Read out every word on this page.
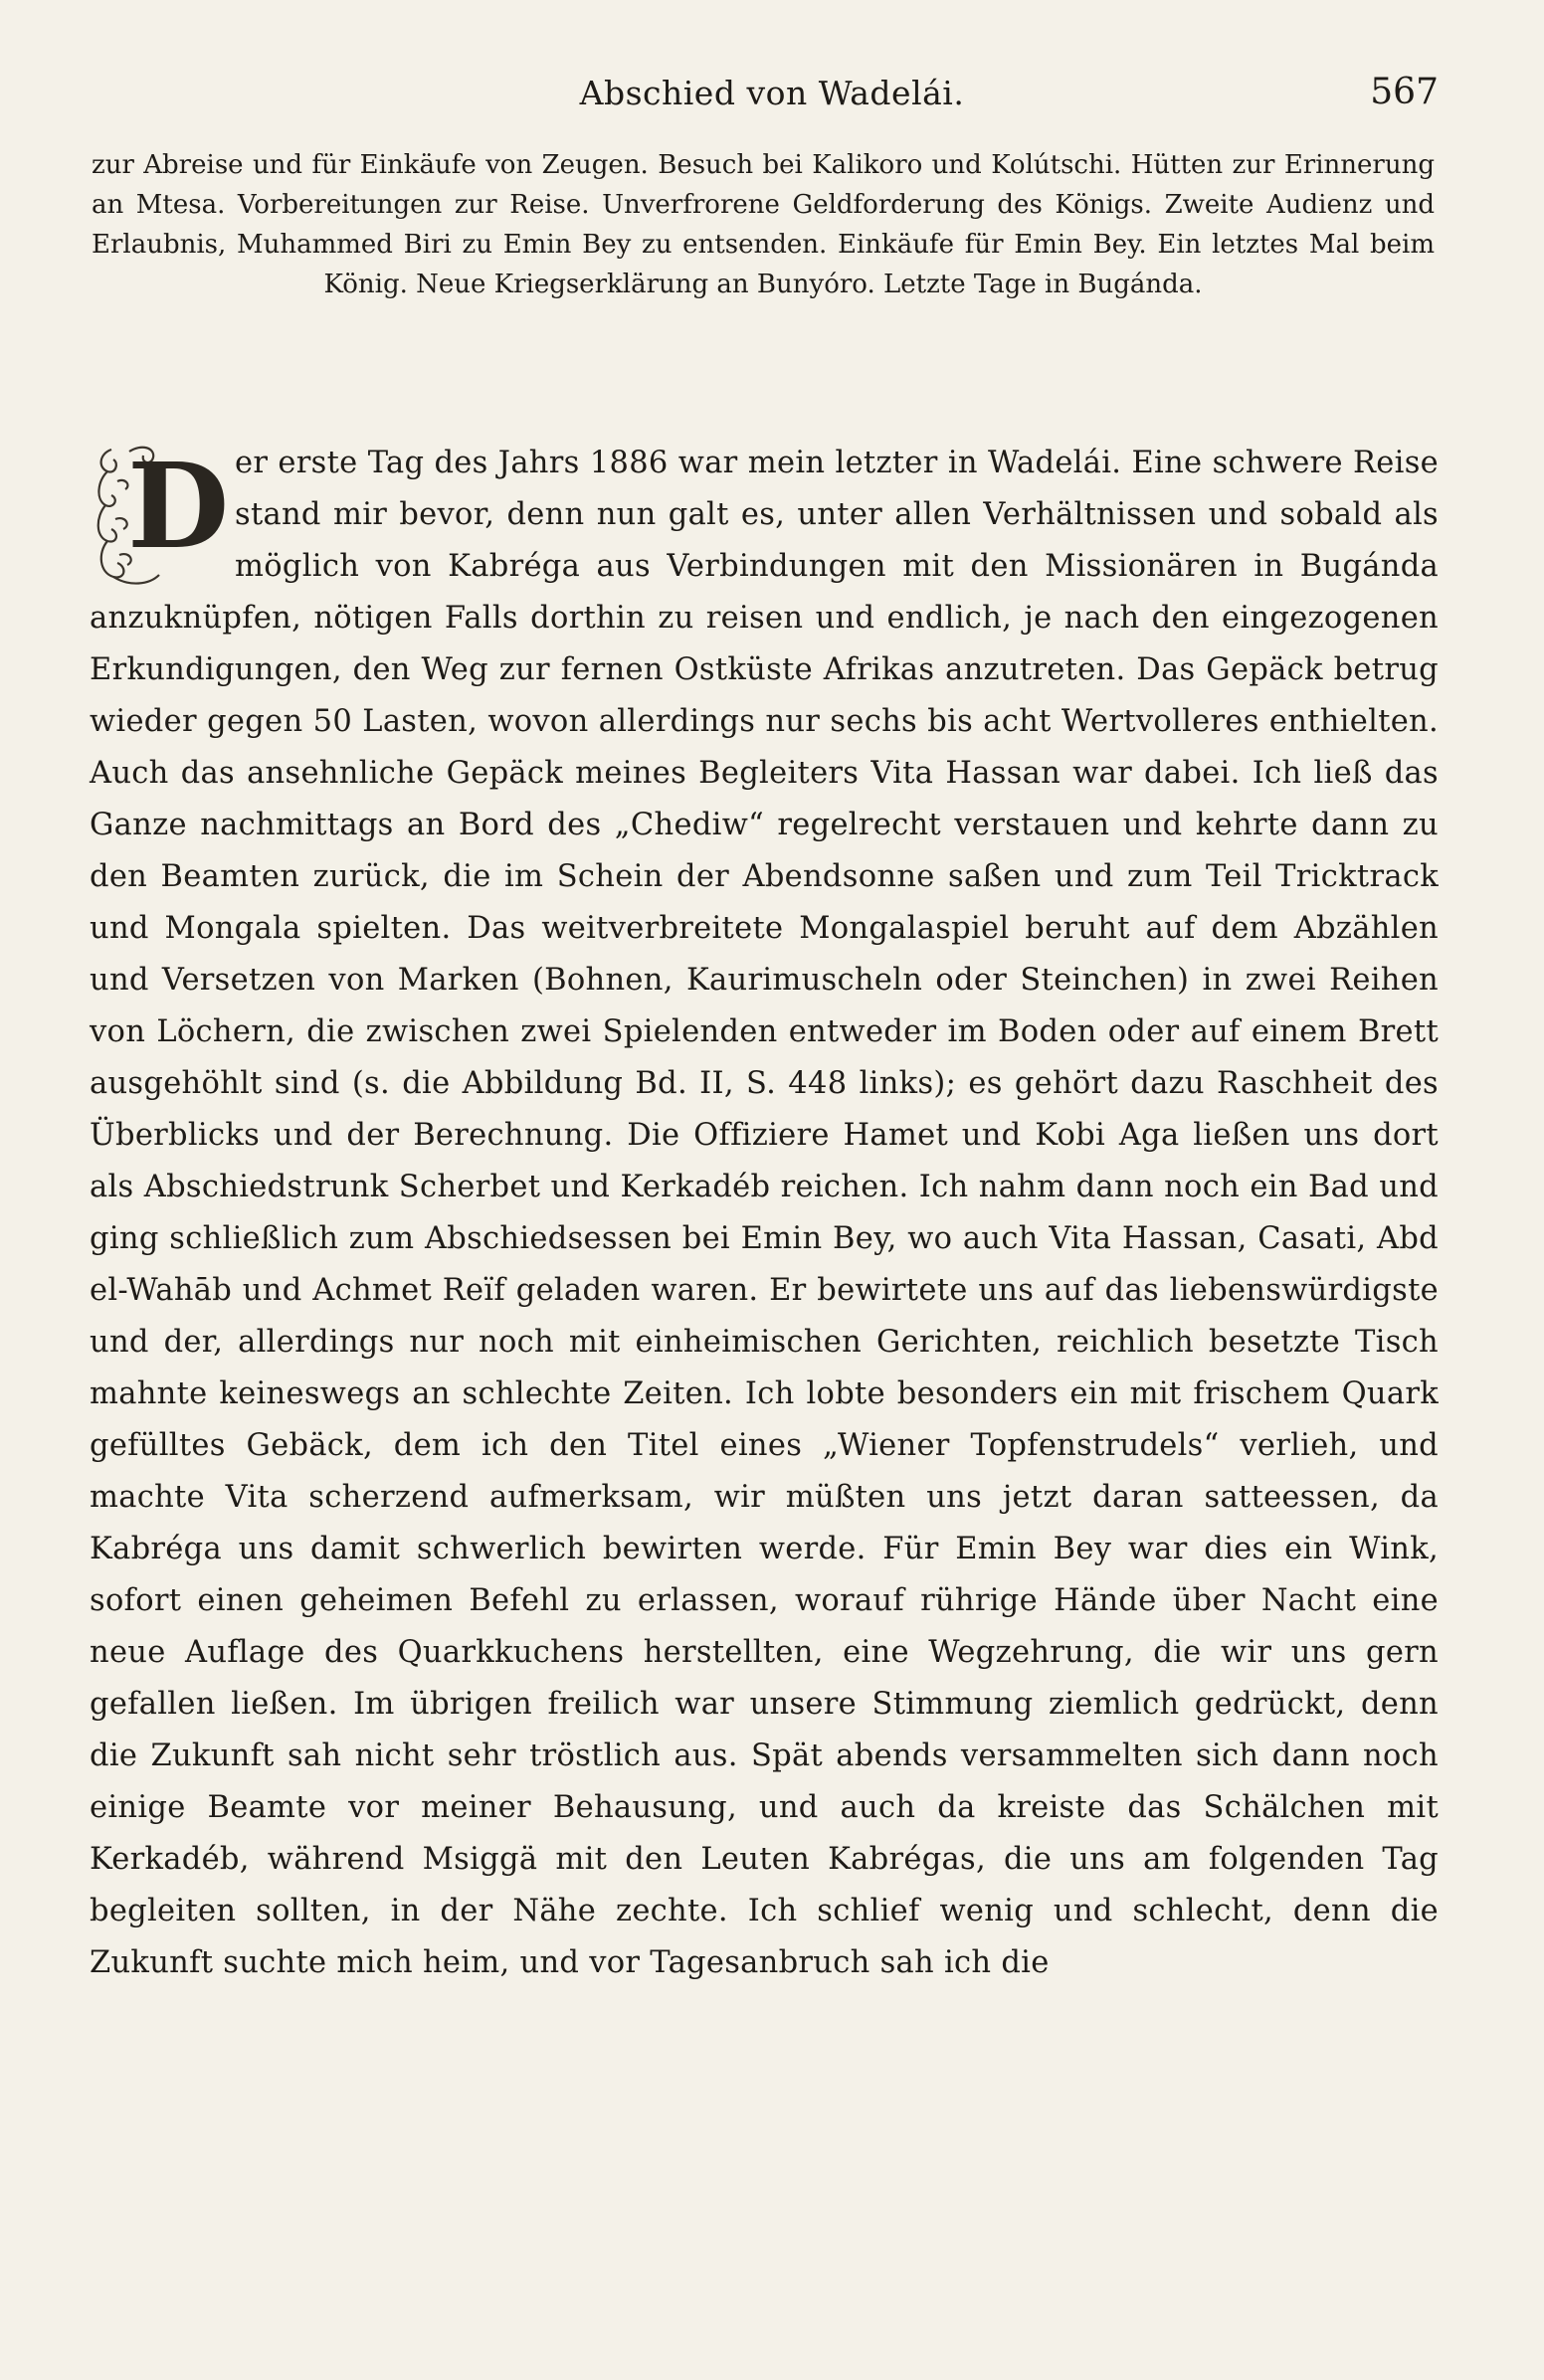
Abschied von Wadelái.	567
zur Abreise und für Einkäufe von Zeugen. Besuch bei Kalikoro und Kolútschi. Hütten zur Erinnerung an Mtesa. Vorbereitungen zur Reise. Unverfrorene Geldforderung des Königs. Zweite Audienz und Erlaubnis, Muhammed Biri zu Emin Bey zu entsenden. Einkäufe für Emin Bey. Ein letztes Mal beim König. Neue Kriegserklärung an Bunyóro. Letzte Tage in Bugánda.
D er erste Tag des Jahrs 1886 war mein letzter in Wadelái. Eine schwere Reise stand mir bevor, denn nun galt es, unter allen Verhältnissen und sobald als möglich von Kabréga aus Verbindungen mit den Missionären in Bugánda anzuknüpfen, nötigen Falls dorthin zu reisen und endlich, je nach den eingezogenen Erkundigungen, den Weg zur fernen Ostküste Afrikas anzutreten. Das Gepäck betrug wieder gegen 50 Lasten, wovon allerdings nur sechs bis acht Wertvolleres enthielten. Auch das ansehnliche Gepäck meines Begleiters Vita Hassan war dabei. Ich ließ das Ganze nachmittags an Bord des „Chediw“ regelrecht verstauen und kehrte dann zu den Beamten zurück, die im Schein der Abendsonne saßen und zum Teil Tricktrack und Mongala spielten. Das weitverbreitete Mongalaspiel beruht auf dem Abzählen und Versetzen von Marken (Bohnen, Kaurimuscheln oder Steinchen) in zwei Reihen von Löchern, die zwischen zwei Spielenden entweder im Boden oder auf einem Brett ausgehöhlt sind (s. die Abbildung Bd. II, S. 448 links); es gehört dazu Raschheit des Überblicks und der Berechnung. Die Offiziere Hamet und Kobi Aga ließen uns dort als Abschiedstrunk Scherbet und Kerkadéb reichen. Ich nahm dann noch ein Bad und ging schließlich zum Abschiedsessen bei Emin Bey, wo auch Vita Hassan, Casati, Abd el-Wahāb und Achmet Reïf geladen waren. Er bewirtete uns auf das liebenswürdigste und der, allerdings nur noch mit einheimischen Gerichten, reichlich besetzte Tisch mahnte keineswegs an schlechte Zeiten. Ich lobte besonders ein mit frischem Quark gefülltes Gebäck, dem ich den Titel eines „Wiener Topfenstrudels“ verlieh, und machte Vita scherzend aufmerksam, wir müßten uns jetzt daran satteessen, da Kabréga uns damit schwerlich bewirten werde. Für Emin Bey war dies ein Wink, sofort einen geheimen Befehl zu erlassen, worauf rührige Hände über Nacht eine neue Auflage des Quarkkuchens herstellten, eine Wegzehrung, die wir uns gern gefallen ließen. Im übrigen freilich war unsere Stimmung ziemlich gedrückt, denn die Zukunft sah nicht sehr tröstlich aus. Spät abends versammelten sich dann noch einige Beamte vor meiner Behausung, und auch da kreiste das Schälchen mit Kerkadéb, während Msiggä mit den Leuten Kabrégas, die uns am folgenden Tag begleiten sollten, in der Nähe zechte. Ich schlief wenig und schlecht, denn die Zukunft suchte mich heim, und vor Tagesanbruch sah ich die
